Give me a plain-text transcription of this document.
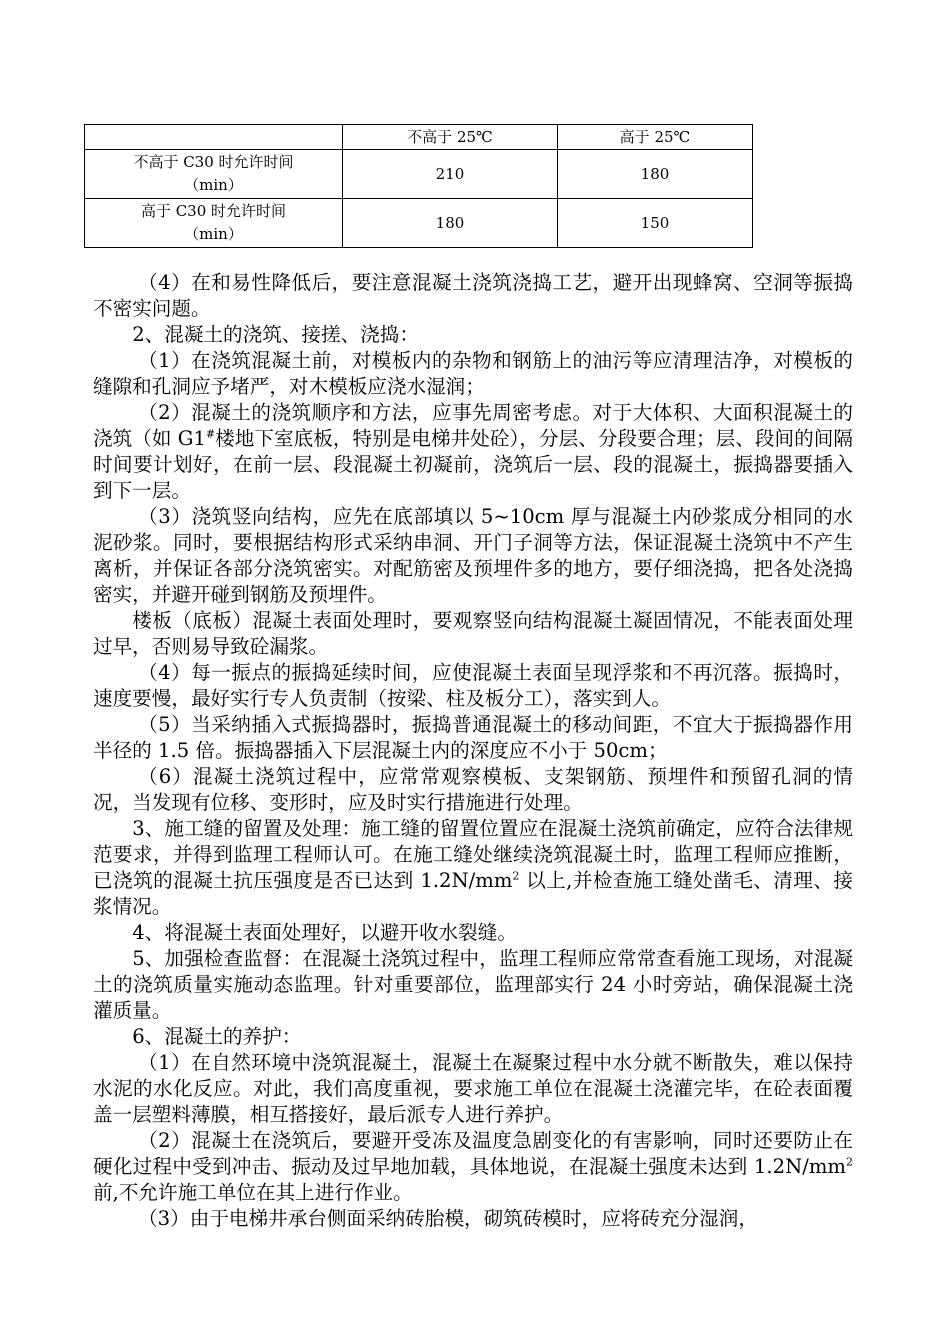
	不高于 25℃	高于 25℃

不高于 C30 时允许时间
（min）	210	180

高于 C30 时允许时间
（min）	180	150

（4）在和易性降低后，要注意混凝土浇筑浇捣工艺，避开出现蜂窝、空洞等振捣不密实问题。

2、混凝土的浇筑、接搓、浇捣：

（1）在浇筑混凝土前，对模板内的杂物和钢筋上的油污等应清理洁净，对模板的缝隙和孔洞应予堵严，对木模板应浇水湿润；

（2）混凝土的浇筑顺序和方法，应事先周密考虑。对于大体积、大面积混凝土的浇筑（如 G1#楼地下室底板，特别是电梯井处砼），分层、分段要合理；层、段间的间隔时间要计划好，在前一层、段混凝土初凝前，浇筑后一层、段的混凝土，振捣器要插入到下一层。

（3）浇筑竖向结构，应先在底部填以 5~10cm 厚与混凝土内砂浆成分相同的水泥砂浆。同时，要根据结构形式采纳串洞、开门子洞等方法，保证混凝土浇筑中不产生离析，并保证各部分浇筑密实。对配筋密及预埋件多的地方，要仔细浇捣，把各处浇捣密实，并避开碰到钢筋及预埋件。

楼板（底板）混凝土表面处理时，要观察竖向结构混凝土凝固情况，不能表面处理过早，否则易导致砼漏浆。

（4）每一振点的振捣延续时间，应使混凝土表面呈现浮浆和不再沉落。振捣时，速度要慢，最好实行专人负责制（按梁、柱及板分工），落实到人。

（5）当采纳插入式振捣器时，振捣普通混凝土的移动间距，不宜大于振捣器作用半径的 1.5 倍。振捣器插入下层混凝土内的深度应不小于 50cm；

（6）混凝土浇筑过程中，应常常观察模板、支架钢筋、预埋件和预留孔洞的情况，当发现有位移、变形时，应及时实行措施进行处理。

3、施工缝的留置及处理：施工缝的留置位置应在混凝土浇筑前确定，应符合法律规范要求，并得到监理工程师认可。在施工缝处继续浇筑混凝土时，监理工程师应推断，已浇筑的混凝土抗压强度是否已达到 $1.2N/mm^2$ 以上,并检查施工缝处凿毛、清理、接浆情况。

4、将混凝土表面处理好，以避开收水裂缝。

5、加强检查监督：在混凝土浇筑过程中，监理工程师应常常查看施工现场，对混凝土的浇筑质量实施动态监理。针对重要部位，监理部实行 24 小时旁站，确保混凝土浇灌质量。

6、混凝土的养护：

（1）在自然环境中浇筑混凝土，混凝土在凝聚过程中水分就不断散失，难以保持水泥的水化反应。对此，我们高度重视，要求施工单位在混凝土浇灌完毕，在砼表面覆盖一层塑料薄膜，相互搭接好，最后派专人进行养护。

（2）混凝土在浇筑后，要避开受冻及温度急剧变化的有害影响，同时还要防止在硬化过程中受到冲击、振动及过早地加载，具体地说，在混凝土强度未达到 $1.2N/mm^2$前,不允许施工单位在其上进行作业。

（3）由于电梯井承台侧面采纳砖胎模，砌筑砖模时，应将砖充分湿润，
